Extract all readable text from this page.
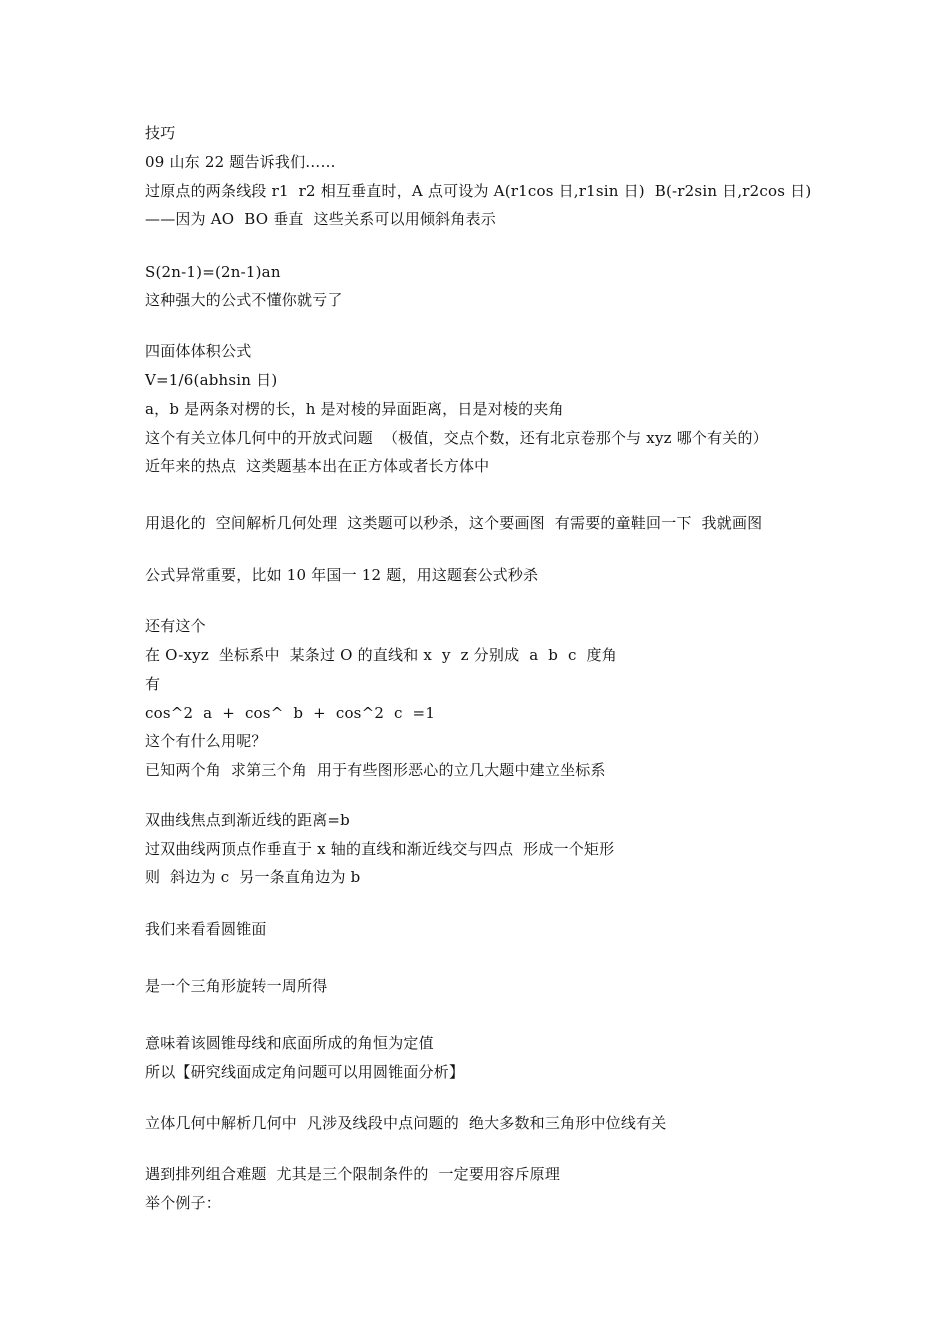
技巧
09 山东 22 题告诉我们……
过原点的两条线段 r1  r2 相互垂直时，A 点可设为 A(r1cos 日,r1sin 日)  B(-r2sin 日,r2cos 日)
——因为 AO  BO 垂直  这些关系可以用倾斜角表示
S(2n-1)=(2n-1)an
这种强大的公式不懂你就亏了
四面体体积公式
V=1/6(abhsin 日)
a，b 是两条对楞的长，h 是对棱的异面距离，日是对棱的夹角
这个有关立体几何中的开放式问题  （极值，交点个数，还有北京卷那个与 xyz 哪个有关的）
近年来的热点  这类题基本出在正方体或者长方体中
用退化的  空间解析几何处理  这类题可以秒杀，这个要画图  有需要的童鞋回一下  我就画图
公式异常重要，比如 10 年国一 12 题，用这题套公式秒杀
还有这个
在 O-xyz  坐标系中  某条过 O 的直线和 x  y  z 分别成  a  b  c  度角
有
cos^2  a  +  cos^  b  +  cos^2  c  =1
这个有什么用呢？
已知两个角  求第三个角  用于有些图形恶心的立几大题中建立坐标系
双曲线焦点到渐近线的距离=b
过双曲线两顶点作垂直于 x 轴的直线和渐近线交与四点  形成一个矩形
则  斜边为 c  另一条直角边为 b
我们来看看圆锥面
是一个三角形旋转一周所得
意味着该圆锥母线和底面所成的角恒为定值
所以【研究线面成定角问题可以用圆锥面分析】
立体几何中解析几何中  凡涉及线段中点问题的  绝大多数和三角形中位线有关
遇到排列组合难题  尤其是三个限制条件的  一定要用容斥原理
举个例子：
